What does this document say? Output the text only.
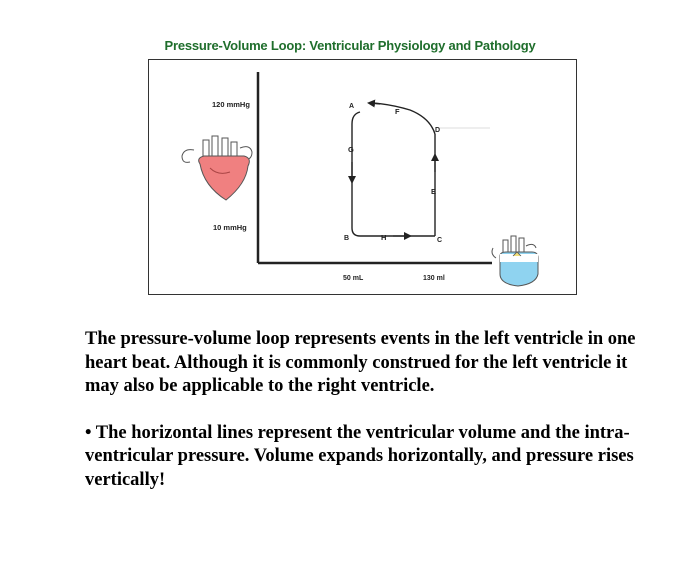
Pressure-Volume Loop: Ventricular Physiology and Pathology
120 mmHg
10 mmHg
50 mL	130 ml
A
G
B	H	C
E
D
F

The pressure-volume loop represents events in the left ventricle in one heart beat. Although it is commonly construed for the left ventricle it may also be applicable to the right ventricle.

• The horizontal lines represent the ventricular volume and the intra-ventricular pressure. Volume expands horizontally, and pressure rises vertically!
